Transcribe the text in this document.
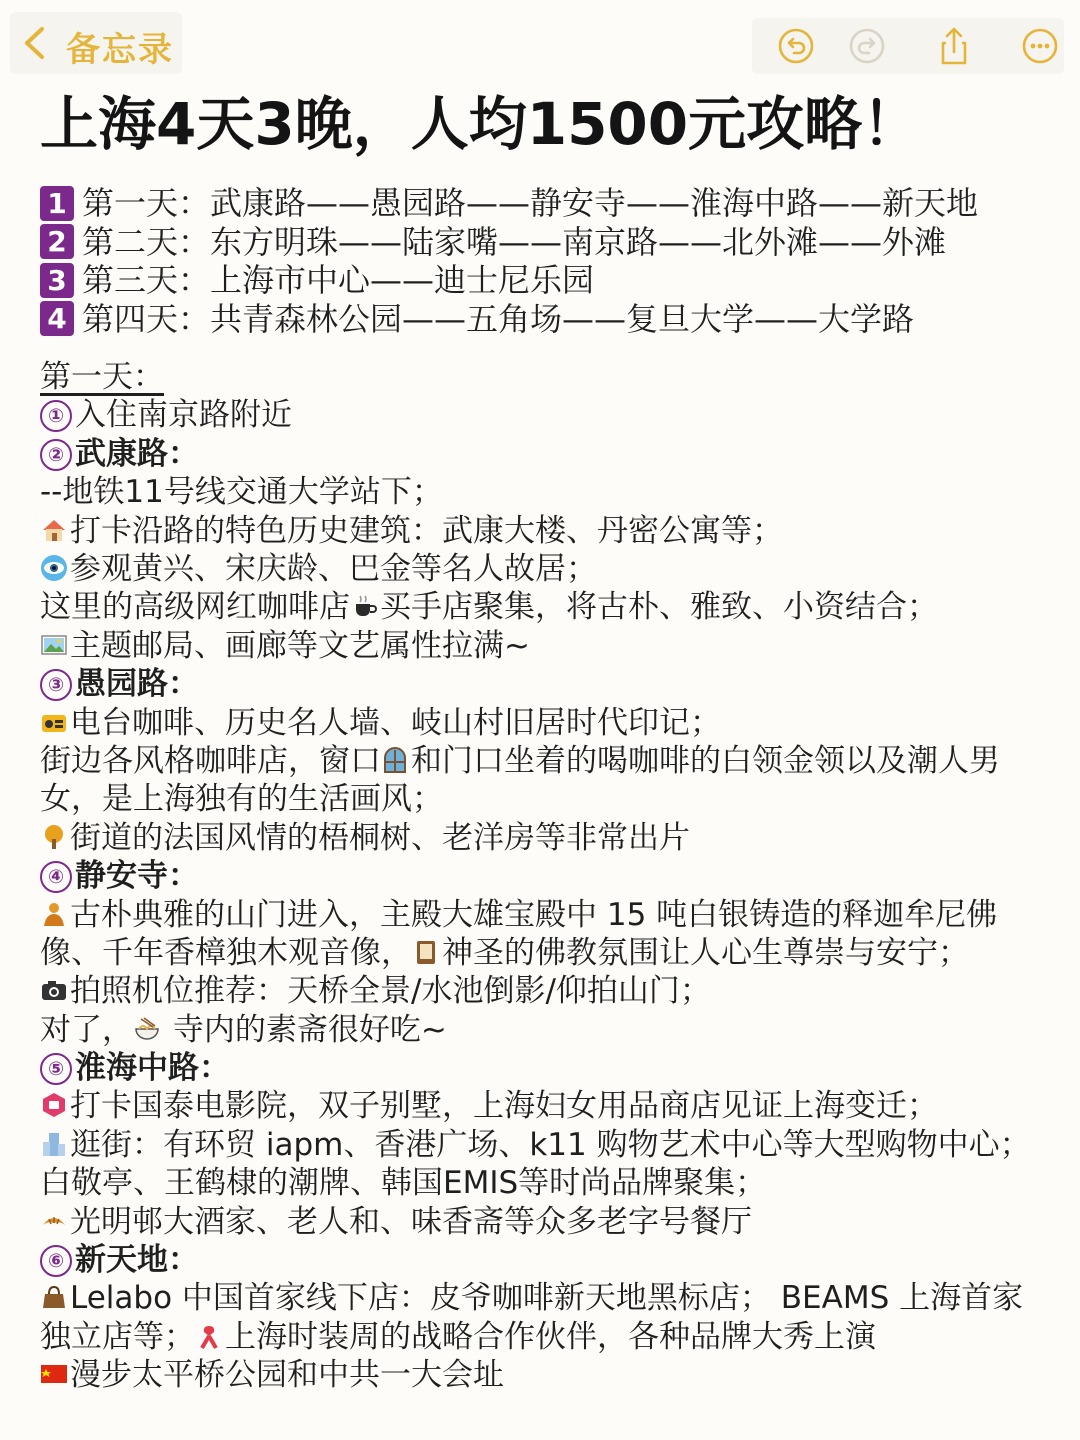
备忘录
上海4天3晚，人均1500元攻略！
1 第一天：武康路——愚园路——静安寺——淮海中路——新天地
2 第二天：东方明珠——陆家嘴——南京路——北外滩——外滩
3 第三天：上海市中心——迪士尼乐园
4 第四天：共青森林公园——五角场——复旦大学——大学路
第一天：
① 入住南京路附近
② 武康路：
--地铁11号线交通大学站下；
打卡沿路的特色历史建筑：武康大楼、丹密公寓等；
参观黄兴、宋庆龄、巴金等名人故居；
这里的高级网红咖啡店 买手店聚集，将古朴、雅致、小资结合；
主题邮局、画廊等文艺属性拉满~
③ 愚园路：
电台咖啡、历史名人墙、岐山村旧居时代印记；
街边各风格咖啡店，窗口 和门口坐着的喝咖啡的白领金领以及潮人男女，是上海独有的生活画风；
街道的法国风情的梧桐树、老洋房等非常出片
④ 静安寺：
古朴典雅的山门进入，主殿大雄宝殿中 15 吨白银铸造的释迦牟尼佛像、千年香樟独木观音像， 神圣的佛教氛围让人心生尊崇与安宁；
拍照机位推荐：天桥全景/水池倒影/仰拍山门；
对了，
寺内的素斋很好吃~
⑤ 淮海中路：
打卡国泰电影院，双子别墅，上海妇女用品商店见证上海变迁；
逛街：有环贸 iapm、香港广场、k11 购物艺术中心等大型购物中心；
白敬亭、王鹤棣的潮牌、韩国EMIS等时尚品牌聚集；
光明邨大酒家、老人和、味香斋等众多老字号餐厅
⑥ 新天地：
Lelabo 中国首家线下店：皮爷咖啡新天地黑标店； BEAMS 上海首家独立店等； 上海时装周的战略合作伙伴，各种品牌大秀上演
漫步太平桥公园和中共一大会址
